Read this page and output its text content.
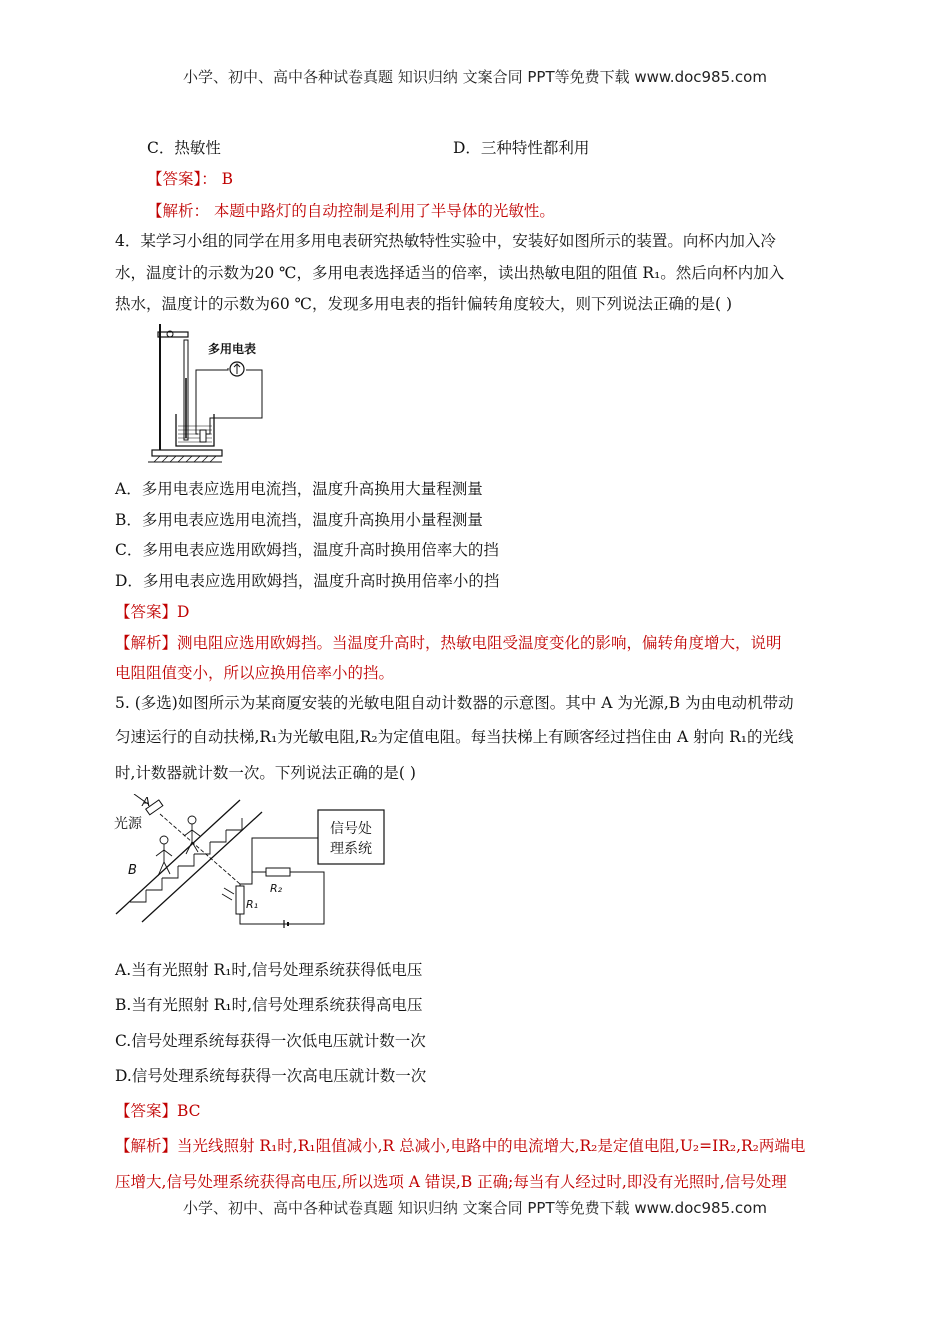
小学、初中、高中各种试卷真题 知识归纳 文案合同 PPT等免费下载 www.doc985.com
C．热敏性	D．三种特性都利用
【答案】： B
【解析： 本题中路灯的自动控制是利用了半导体的光敏性。
4．某学习小组的同学在用多用电表研究热敏特性实验中，安装好如图所示的装置。向杯内加入冷
水，温度计的示数为20 ℃，多用电表选择适当的倍率，读出热敏电阻的阻值 R₁。然后向杯内加入
热水，温度计的示数为60 ℃，发现多用电表的指针偏转角度较大，则下列说法正确的是( )
多用电表
A．多用电表应选用电流挡，温度升高换用大量程测量
B．多用电表应选用电流挡，温度升高换用小量程测量
C．多用电表应选用欧姆挡，温度升高时换用倍率大的挡
D．多用电表应选用欧姆挡，温度升高时换用倍率小的挡
【答案】D
【解析】测电阻应选用欧姆挡。当温度升高时，热敏电阻受温度变化的影响，偏转角度增大，说明
电阻阻值变小，所以应换用倍率小的挡。
5. (多选)如图所示为某商厦安装的光敏电阻自动计数器的示意图。其中 A 为光源,B 为由电动机带动
匀速运行的自动扶梯,R₁为光敏电阻,R₂为定值电阻。每当扶梯上有顾客经过挡住由 A 射向 R₁的光线
时,计数器就计数一次。下列说法正确的是( )
信号处
理系统
A
光源
B
R₁
R₂
A.当有光照射 R₁时,信号处理系统获得低电压
B.当有光照射 R₁时,信号处理系统获得高电压
C.信号处理系统每获得一次低电压就计数一次
D.信号处理系统每获得一次高电压就计数一次
【答案】BC
【解析】当光线照射 R₁时,R₁阻值减小,R 总减小,电路中的电流增大,R₂是定值电阻,U₂=IR₂,R₂两端电
压增大,信号处理系统获得高电压,所以选项 A 错误,B 正确;每当有人经过时,即没有光照时,信号处理
小学、初中、高中各种试卷真题 知识归纳 文案合同 PPT等免费下载 www.doc985.com
